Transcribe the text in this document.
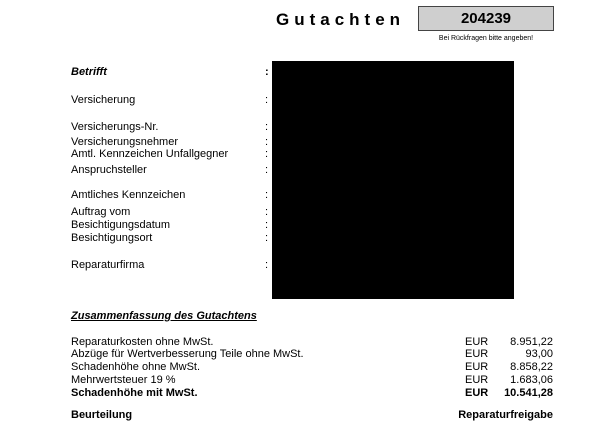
Gutachten	204239
Bei Rückfragen bitte angeben!
Betrifft	:
Versicherung	:
Versicherungs-Nr.	:
Versicherungsnehmer	:
Amtl. Kennzeichen Unfallgegner	:
Anspruchsteller	:
Amtliches Kennzeichen	:
Auftrag vom	:
Besichtigungsdatum	:
Besichtigungsort	:
Reparaturfirma	:
Zusammenfassung des Gutachtens
Reparaturkosten ohne MwSt.	EUR 8.951,22
Abzüge für Wertverbesserung Teile ohne MwSt.	EUR	93,00
Schadenhöhe ohne MwSt.	EUR 8.858,22
Mehrwertsteuer 19 %	EUR 1.683,06
Schadenhöhe mit MwSt.	EUR 10.541,28
Beurteilung	Reparaturfreigabe
